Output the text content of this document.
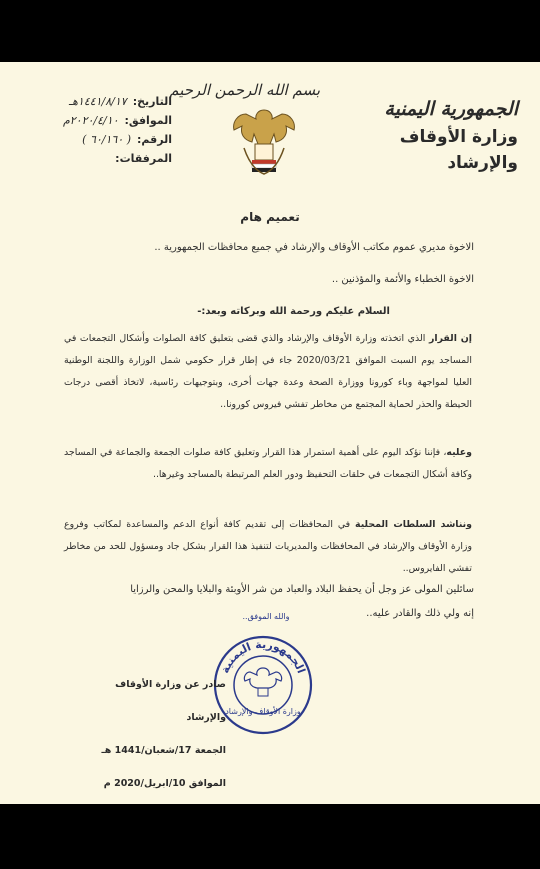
بسم الله الرحمن الرحيم
الجمهورية اليمنية
وزارة الأوقاف والإرشاد
التاريخ:
١٤٤١/٨/١٧هـ
الموافق:
٢٠٢٠/٤/١٠م
الرقم:
( ٦٠/١٦٠ )
المرفقات:
تعميم هام
الاخوة مديري عموم مكاتب الأوقاف والإرشاد في جميع محافظات الجمهورية ..
الاخوة الخطباء والأئمة والمؤذنين ..
السلام عليكم ورحمة الله وبركاته وبعد:-
إن القرار الذي اتخذته وزارة الأوقاف والإرشاد والذي قضى بتعليق كافة الصلوات وأشكال التجمعات في المساجد يوم السبت الموافق 2020/03/21 جاء في إطار قرار حكومي شمل الوزارة واللجنة الوطنية العليا لمواجهة وباء كورونا ووزارة الصحة وعدة جهات أخرى، وبتوجيهات رئاسية، لاتخاذ أقصى درجات الحيطة والحذر لحماية المجتمع من مخاطر تفشي فيروس كورونا..
وعليه، فإننا نؤكد اليوم على أهمية استمرار هذا القرار وتعليق كافة صلوات الجمعة والجماعة في المساجد وكافة أشكال التجمعات في حلقات التحفيظ ودور العلم المرتبطة بالمساجد وغيرها..
ونناشد السلطات المحلية في المحافظات إلى تقديم كافة أنواع الدعم والمساعدة لمكاتب وفروع وزارة الأوقاف والإرشاد في المحافظات والمديريات لتنفيذ هذا القرار بشكل جاد ومسؤول للحد من مخاطر تفشي الفايروس..
سائلين المولى عز وجل أن يحفظ البلاد والعباد من شر الأوبئة والبلايا والمحن والرزايا
إنه ولي ذلك والقادر عليه..
والله الموفق..
الجمهورية اليمنية
وزارة الأوقاف والإرشاد
صادر عن وزارة الأوقاف والإرشاد
الجمعة 17/شعبان/1441 هـ
الموافق 10/ابريل/2020 م
